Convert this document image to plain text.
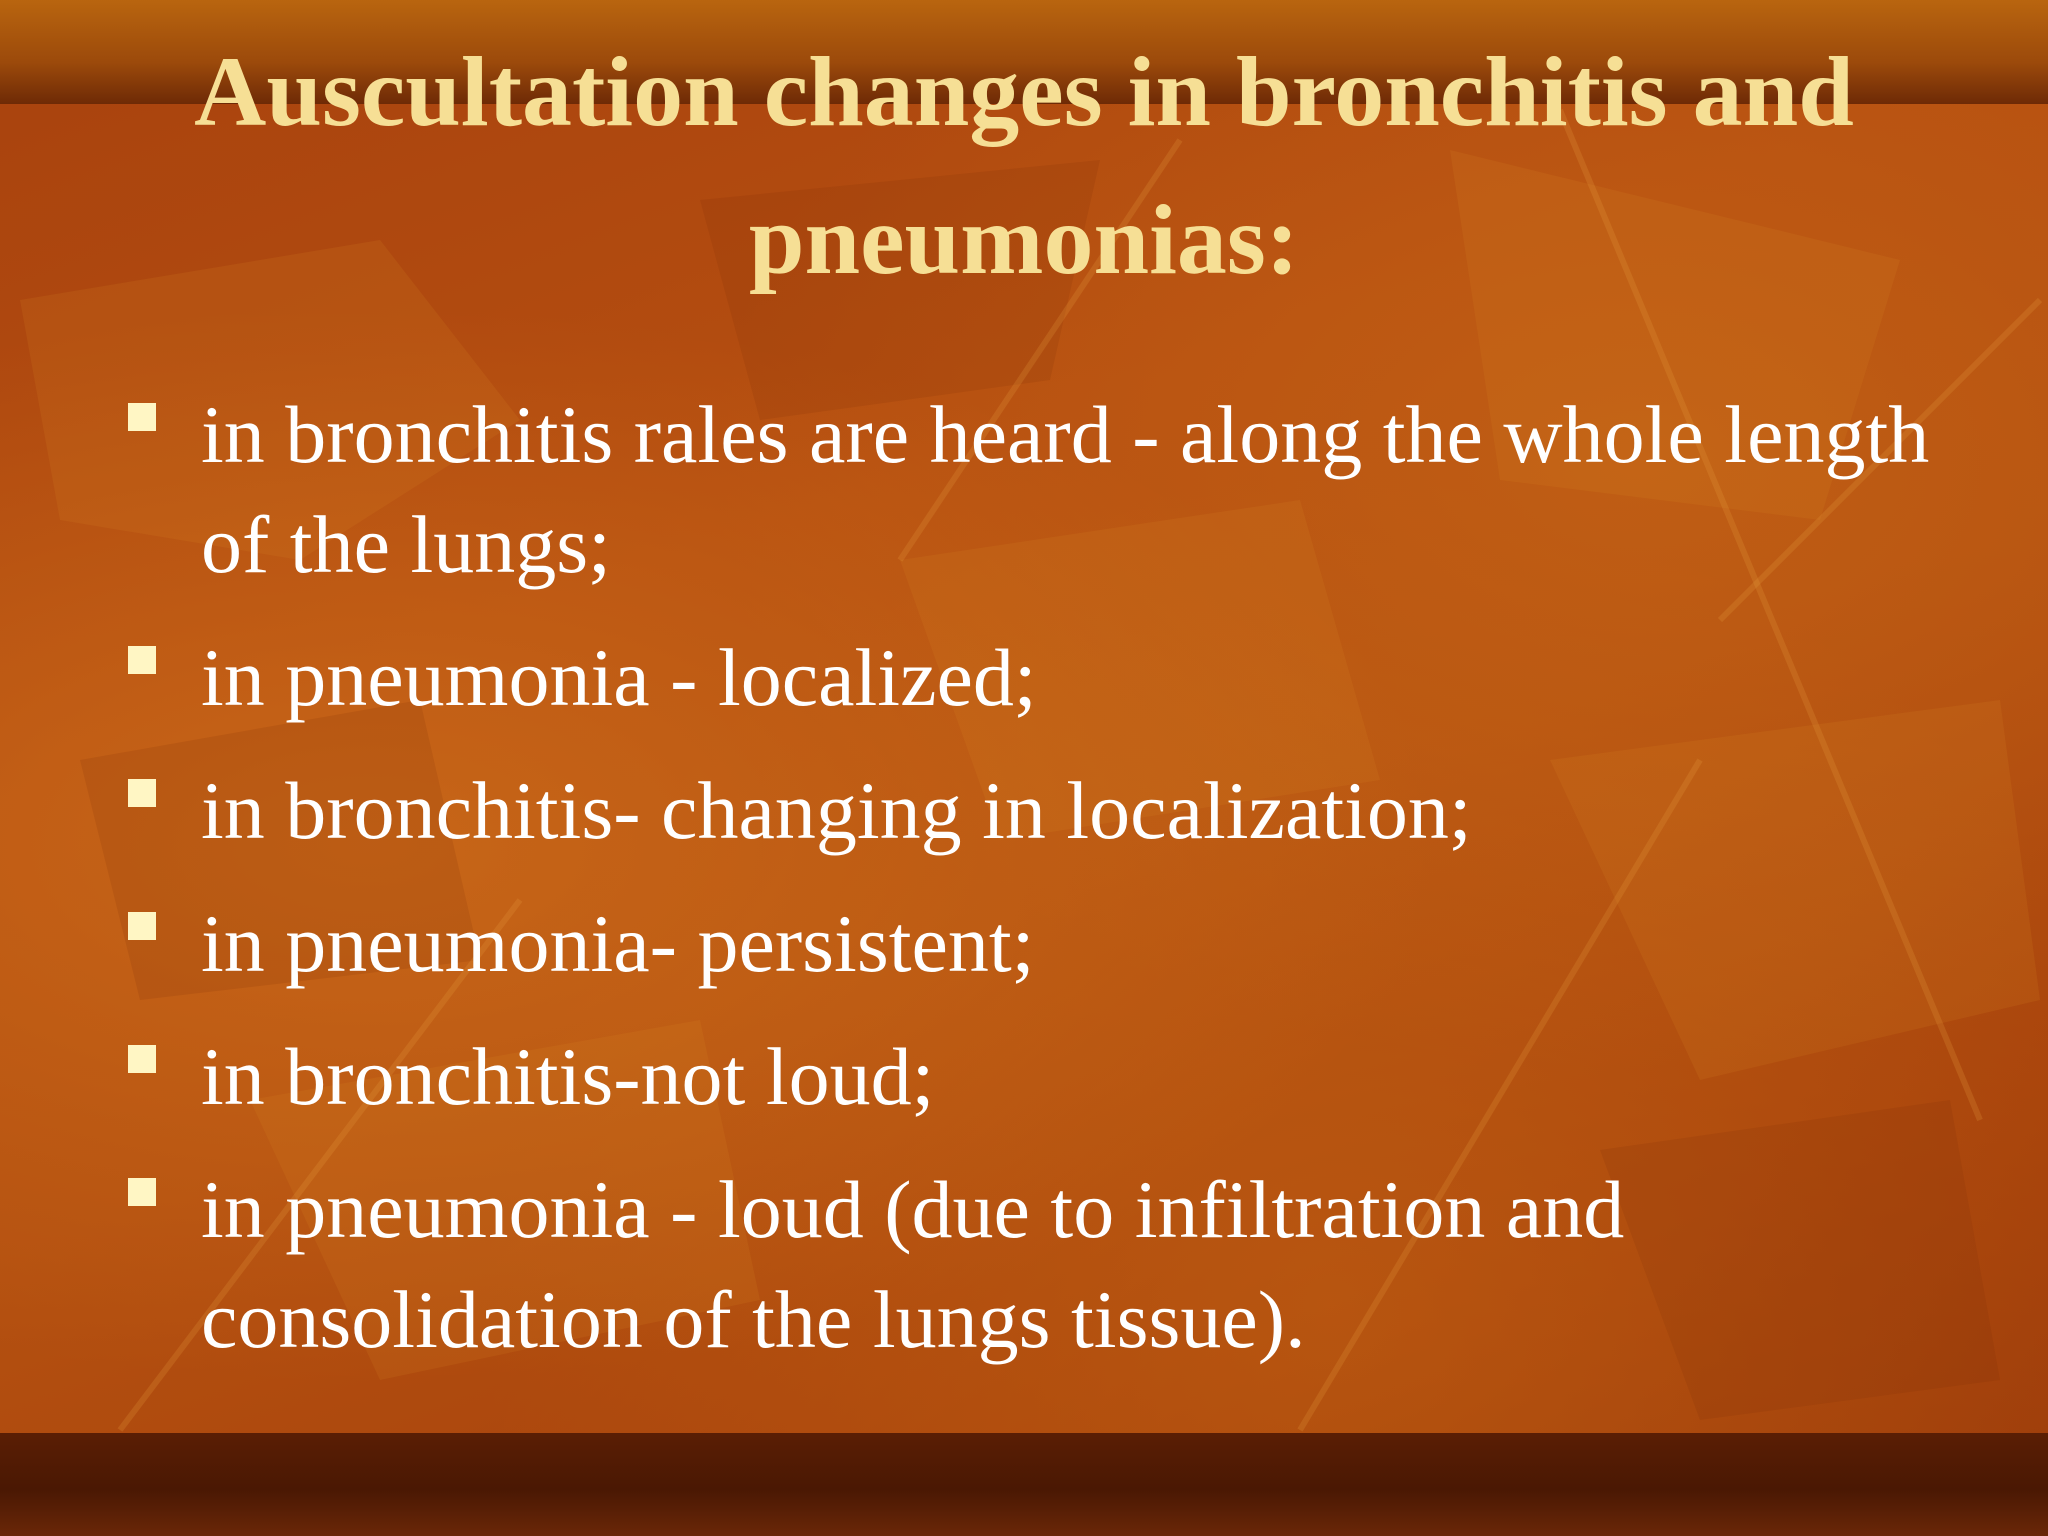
Auscultation changes in bronchitis and pneumonias:
in bronchitis rales are heard - along the whole length of the lungs;
in pneumonia - localized;
in bronchitis- changing in localization;
in pneumonia- persistent;
in bronchitis-not loud;
in pneumonia - loud (due to infiltration and consolidation of the lungs tissue).
